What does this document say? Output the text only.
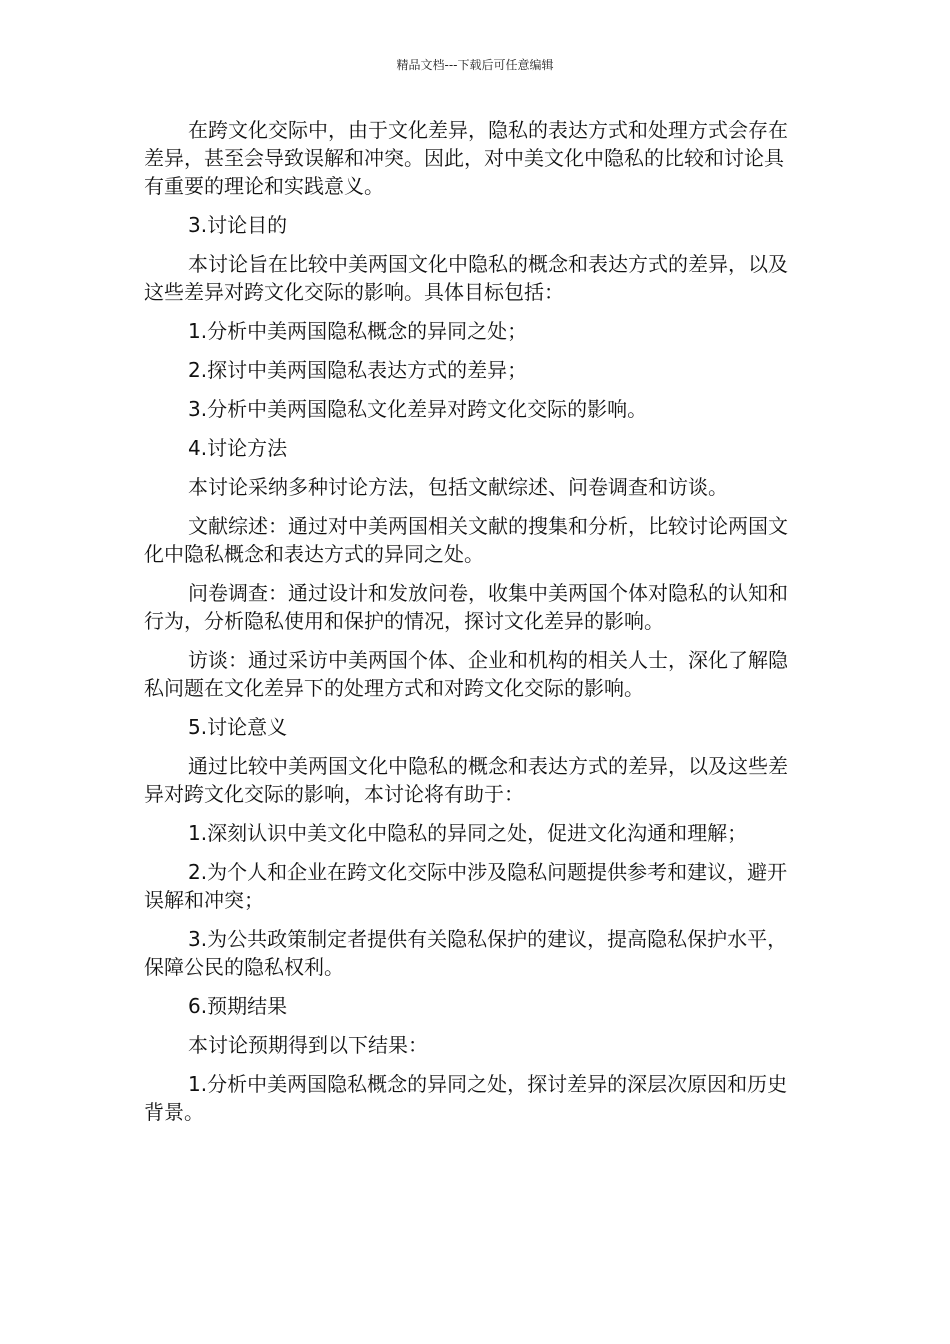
精品文档---下载后可任意编辑

在跨文化交际中，由于文化差异，隐私的表达方式和处理方式会存在差异，甚至会导致误解和冲突。因此，对中美文化中隐私的比较和讨论具有重要的理论和实践意义。

3.讨论目的

本讨论旨在比较中美两国文化中隐私的概念和表达方式的差异，以及这些差异对跨文化交际的影响。具体目标包括：

1.分析中美两国隐私概念的异同之处；

2.探讨中美两国隐私表达方式的差异；

3.分析中美两国隐私文化差异对跨文化交际的影响。

4.讨论方法

本讨论采纳多种讨论方法，包括文献综述、问卷调查和访谈。

文献综述：通过对中美两国相关文献的搜集和分析，比较讨论两国文化中隐私概念和表达方式的异同之处。

问卷调查：通过设计和发放问卷，收集中美两国个体对隐私的认知和行为，分析隐私使用和保护的情况，探讨文化差异的影响。

访谈：通过采访中美两国个体、企业和机构的相关人士，深化了解隐私问题在文化差异下的处理方式和对跨文化交际的影响。

5.讨论意义

通过比较中美两国文化中隐私的概念和表达方式的差异，以及这些差异对跨文化交际的影响，本讨论将有助于：

1.深刻认识中美文化中隐私的异同之处，促进文化沟通和理解；

2.为个人和企业在跨文化交际中涉及隐私问题提供参考和建议，避开误解和冲突；

3.为公共政策制定者提供有关隐私保护的建议，提高隐私保护水平，保障公民的隐私权利。

6.预期结果

本讨论预期得到以下结果：

1.分析中美两国隐私概念的异同之处，探讨差异的深层次原因和历史背景。
